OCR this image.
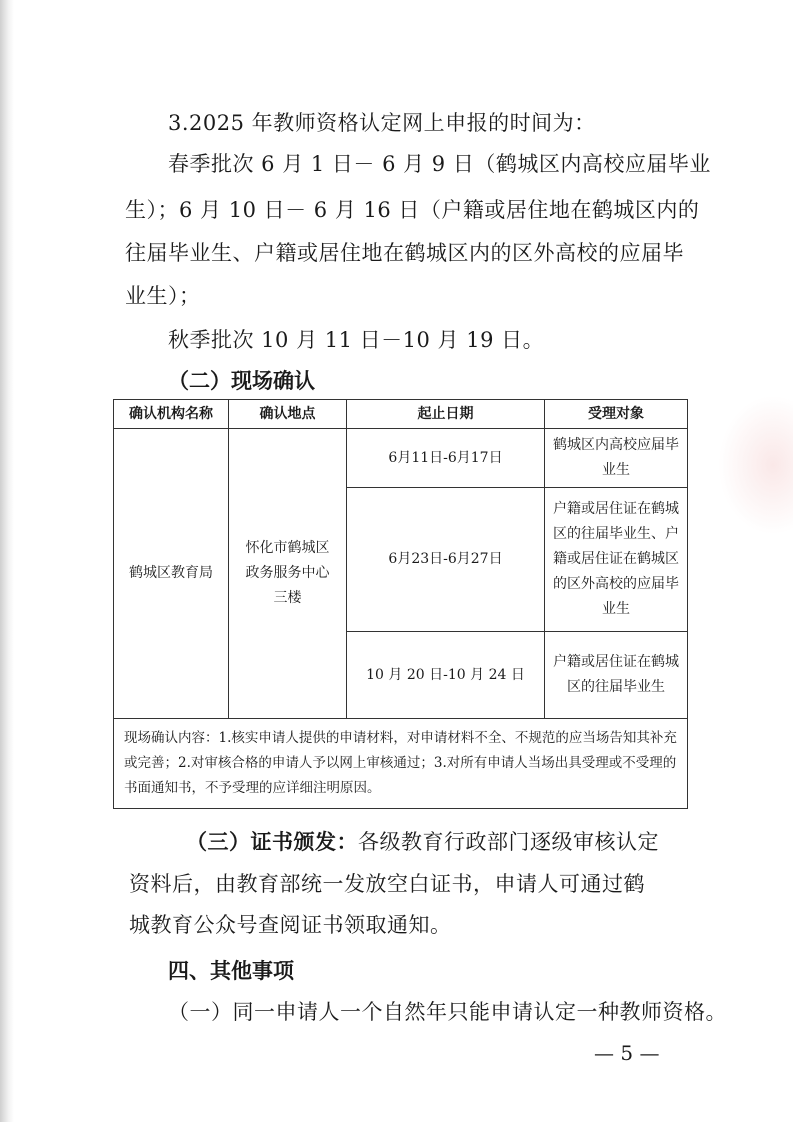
3.2025 年教师资格认定网上申报的时间为：
春季批次 6 月 1 日－ 6 月 9 日（鹤城区内高校应届毕业
生）；6 月 10 日－ 6 月 16 日（户籍或居住地在鹤城区内的
往届毕业生、户籍或居住地在鹤城区内的区外高校的应届毕
业生）；
秋季批次 10 月 11 日－10 月 19 日。
（二）现场确认
确认机构名称	确认地点	起止日期	受理对象
鹤城区教育局	怀化市鹤城区政务服务中心三楼	6月11日-6月17日	鹤城区内高校应届毕业生
		6月23日-6月27日	户籍或居住证在鹤城区的往届毕业生、户籍或居住证在鹤城区的区外高校的应届毕业生
		10 月 20 日-10 月 24 日	户籍或居住证在鹤城区的往届毕业生
现场确认内容：1.核实申请人提供的申请材料，对申请材料不全、不规范的应当场告知其补充或完善；2.对审核合格的申请人予以网上审核通过；3.对所有申请人当场出具受理或不受理的书面通知书，不予受理的应详细注明原因。			
（三）证书颁发：各级教育行政部门逐级审核认定
资料后，由教育部统一发放空白证书，申请人可通过鹤
城教育公众号查阅证书领取通知。
四、其他事项
（一）同一申请人一个自然年只能申请认定一种教师资格。
— 5 —
